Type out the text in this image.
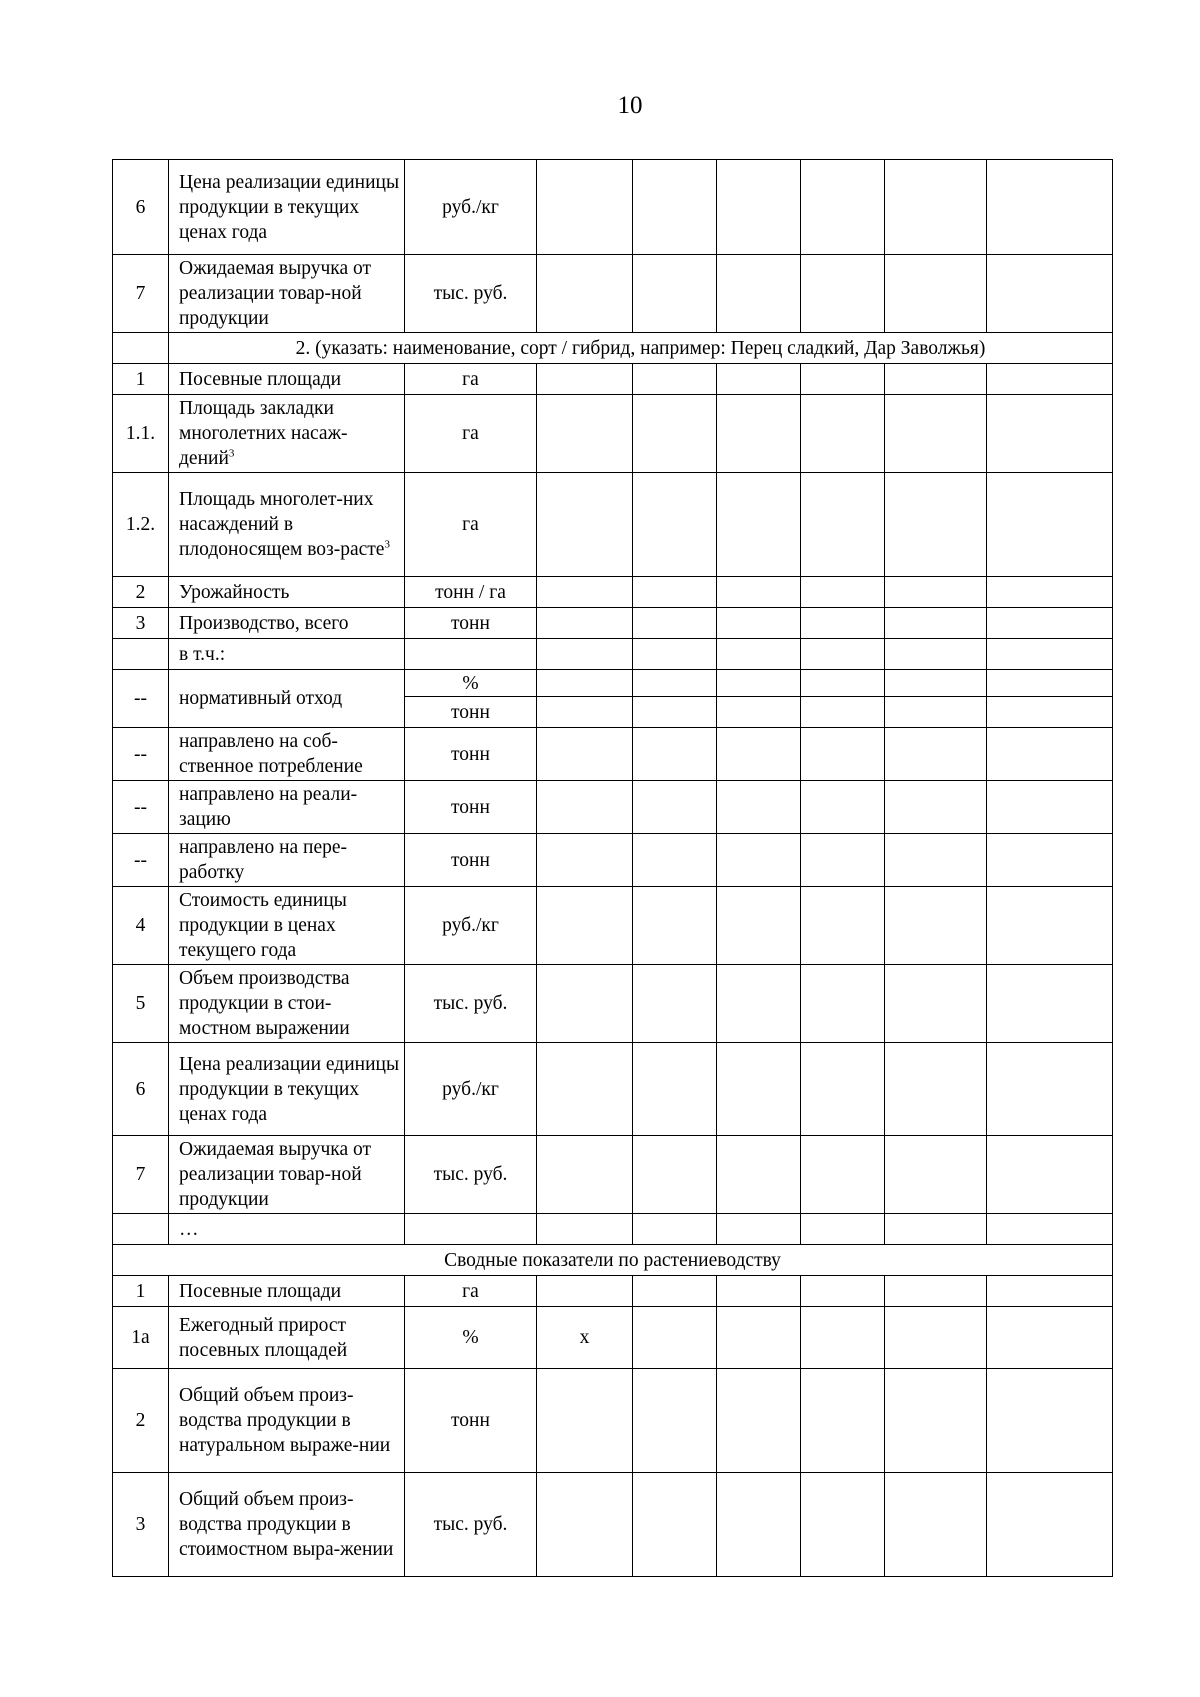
10
6	Цена реализации единицы продукции в текущих ценах года	руб./кг						
7	Ожидаемая выручка от реализации товар-ной продукции	тыс. руб.						
	2. (указать: наименование, сорт / гибрид, например: Перец сладкий, Дар Заволжья)							
1	Посевные площади	га						
1.1.	Площадь закладки многолетних насаж-дений$^3$	га						
1.2.	Площадь многолет-них насаждений в плодоносящем воз-расте$^3$	га						
2	Урожайность	тонн / га						
3	Производство, всего	тонн						
	в т.ч.:							
--	нормативный отход	%						
		тонн						
--	направлено на соб-ственное потребление	тонн						
--	направлено на реали-зацию	тонн						
--	направлено на пере-работку	тонн						
4	Стоимость единицы продукции в ценах текущего года	руб./кг						
5	Объем производства продукции в стои-мостном выражении	тыс. руб.						
6	Цена реализации единицы продукции в текущих ценах года	руб./кг						
7	Ожидаемая выручка от реализации товар-ной продукции	тыс. руб.						
	…							
Сводные показатели по растениеводству								
1	Посевные площади	га						
1а	Ежегодный прирост посевных площадей	%	х					
2	Общий объем произ-водства продукции в натуральном выраже-нии	тонн						
3	Общий объем произ-водства продукции в стоимостном выра-жении	тыс. руб.						
